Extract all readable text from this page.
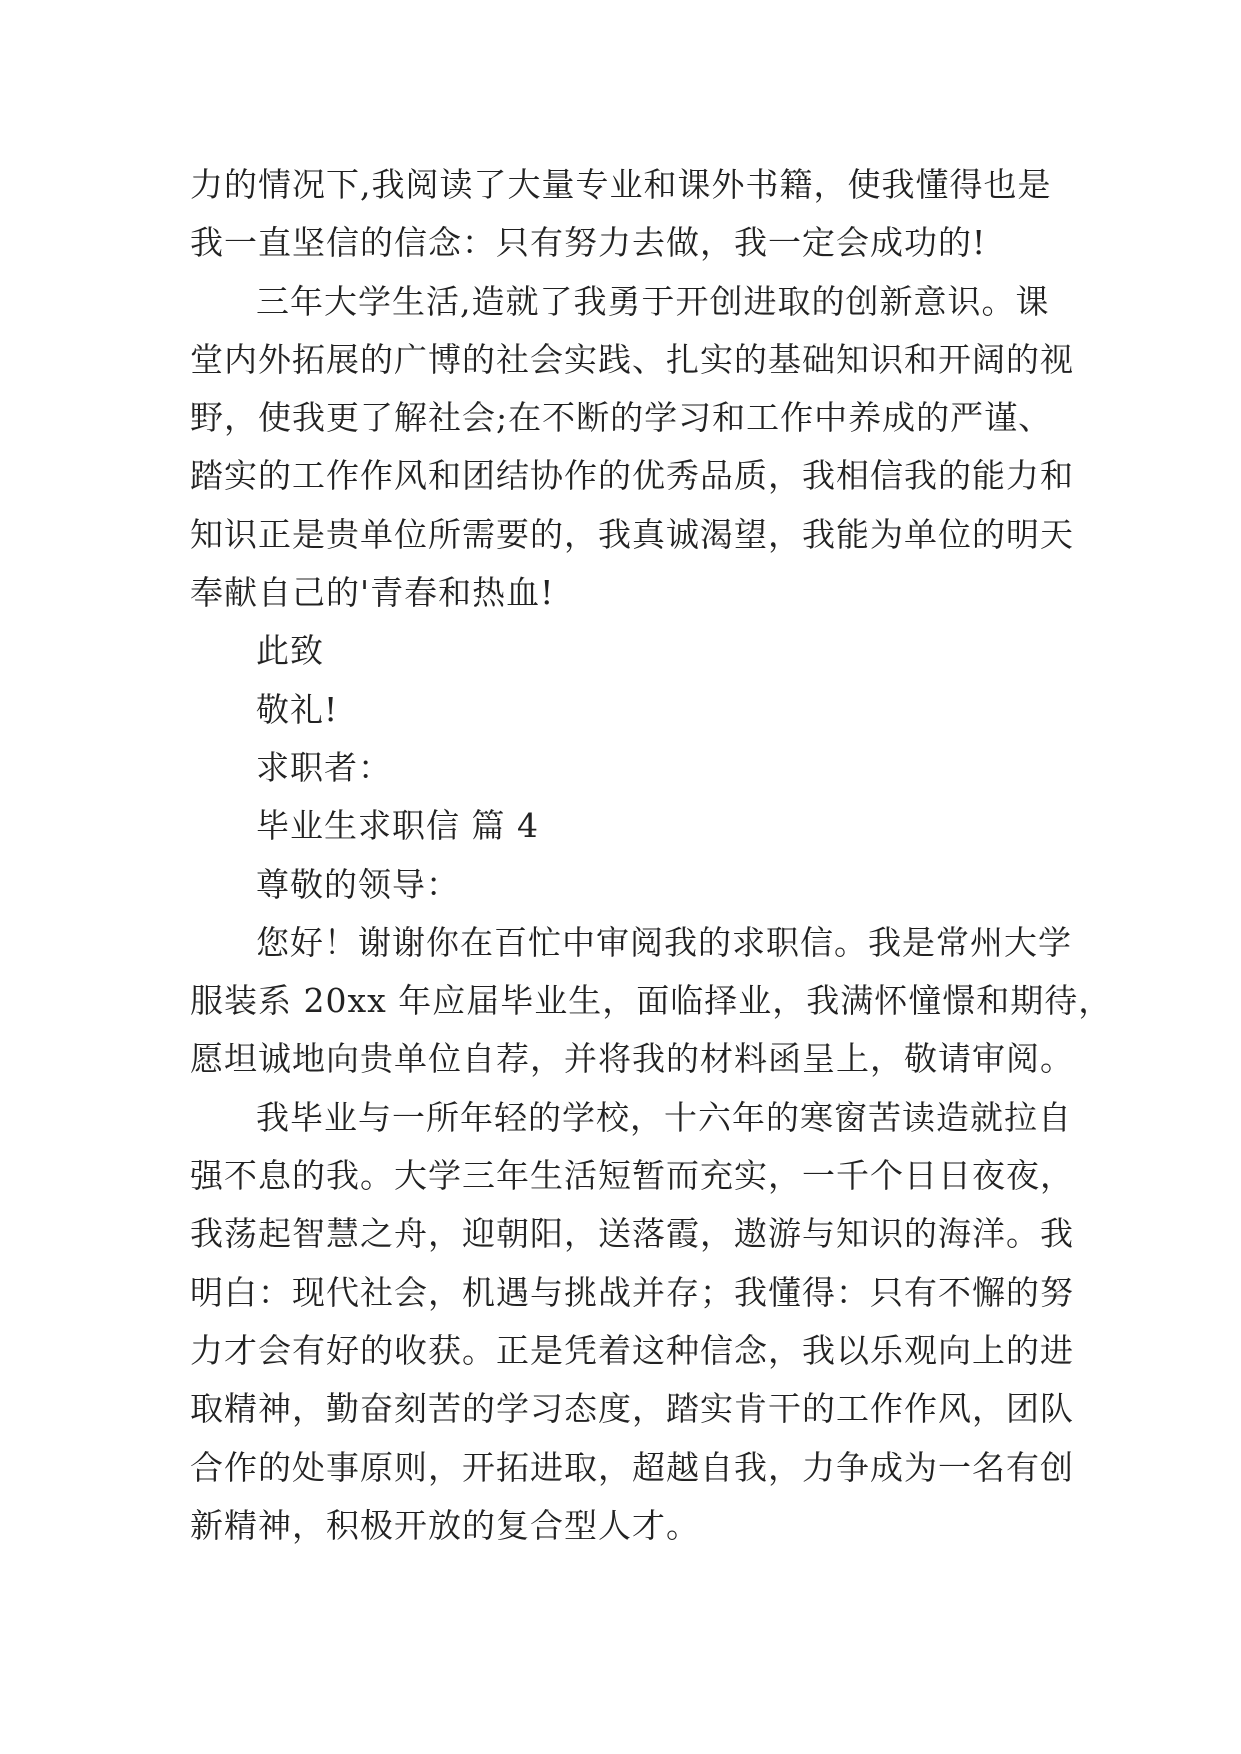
力的情况下,我阅读了大量专业和课外书籍，使我懂得也是
我一直坚信的信念：只有努力去做，我一定会成功的!
三年大学生活,造就了我勇于开创进取的创新意识。课
堂内外拓展的广博的社会实践、扎实的基础知识和开阔的视
野，使我更了解社会;在不断的学习和工作中养成的严谨、
踏实的工作作风和团结协作的优秀品质，我相信我的能力和
知识正是贵单位所需要的，我真诚渴望，我能为单位的明天
奉献自己的'青春和热血!
此致
敬礼!
求职者：
毕业生求职信 篇 4
尊敬的领导：
您好！谢谢你在百忙中审阅我的求职信。我是常州大学
服装系 20xx 年应届毕业生，面临择业，我满怀憧憬和期待，
愿坦诚地向贵单位自荐，并将我的材料函呈上，敬请审阅。
我毕业与一所年轻的学校，十六年的寒窗苦读造就拉自
强不息的我。大学三年生活短暂而充实，一千个日日夜夜，
我荡起智慧之舟，迎朝阳，送落霞，遨游与知识的海洋。我
明白：现代社会，机遇与挑战并存；我懂得：只有不懈的努
力才会有好的收获。正是凭着这种信念，我以乐观向上的进
取精神，勤奋刻苦的学习态度，踏实肯干的工作作风，团队
合作的处事原则，开拓进取，超越自我，力争成为一名有创
新精神，积极开放的复合型人才。
